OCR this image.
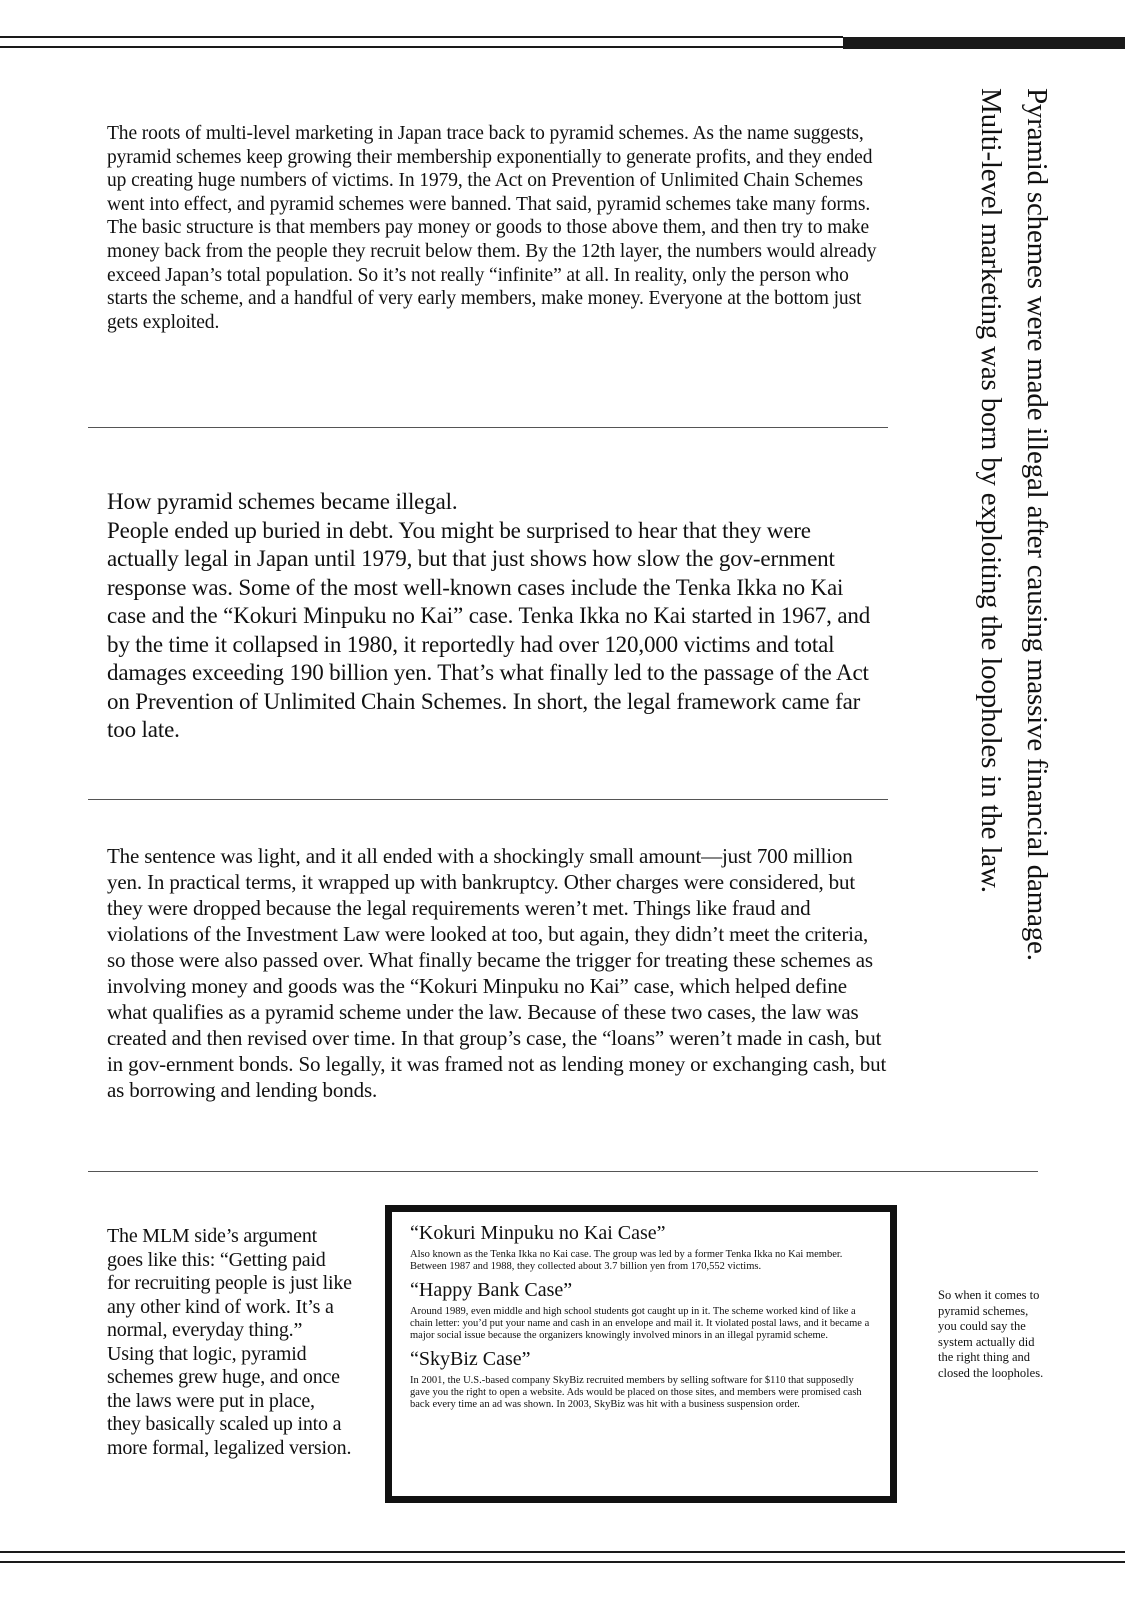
The roots of multi-level marketing in Japan trace back to pyramid schemes. As the name suggests, pyramid schemes keep growing their membership exponentially to generate profits, and they ended up creating huge numbers of victims. In 1979, the Act on Prevention of Unlimited Chain Schemes went into effect, and pyramid schemes were banned. That said, pyramid schemes take many forms. The basic structure is that members pay money or goods to those above them, and then try to make money back from the people they recruit below them. By the 12th layer, the numbers would already exceed Japan’s total population. So it’s not really “infinite” at all. In reality, only the person who starts the scheme, and a handful of very early members, make money. Everyone at the bottom just gets exploited.

How pyramid schemes became illegal.
People ended up buried in debt. You might be surprised to hear that they were actually legal in Japan until 1979, but that just shows how slow the gov-ernment response was. Some of the most well-known cases include the Tenka Ikka no Kai case and the “Kokuri Minpuku no Kai” case. Tenka Ikka no Kai started in 1967, and by the time it collapsed in 1980, it reportedly had over 120,000 victims and total damages exceeding 190 billion yen. That’s what finally led to the passage of the Act on Prevention of Unlimited Chain Schemes. In short, the legal framework came far too late.

The sentence was light, and it all ended with a shockingly small amount—just 700 million yen. In practical terms, it wrapped up with bankruptcy. Other charges were considered, but they were dropped because the legal requirements weren’t met. Things like fraud and violations of the Investment Law were looked at too, but again, they didn’t meet the criteria, so those were also passed over. What finally became the trigger for treating these schemes as involving money and goods was the “Kokuri Minpuku no Kai” case, which helped define what qualifies as a pyramid scheme under the law. Because of these two cases, the law was created and then revised over time. In that group’s case, the “loans” weren’t made in cash, but in gov-ernment bonds. So legally, it was framed not as lending money or exchanging cash, but as borrowing and lending bonds.

Pyramid schemes were made illegal after causing massive financial damage.
Multi-level marketing was born by exploiting the loopholes in the law.

The MLM side’s argument goes like this: “Getting paid for recruiting people is just like any other kind of work. It’s a normal, everyday thing.” Using that logic, pyramid schemes grew huge, and once the laws were put in place, they basically scaled up into a more formal, legalized version.

“Kokuri Minpuku no Kai Case”

Also known as the Tenka Ikka no Kai case. The group was led by a former Tenka Ikka no Kai member. Between 1987 and 1988, they collected about 3.7 billion yen from 170,552 victims.

“Happy Bank Case”

Around 1989, even middle and high school students got caught up in it. The scheme worked kind of like a chain letter: you’d put your name and cash in an envelope and mail it. It violated postal laws, and it became a major social issue because the organizers knowingly involved minors in an illegal pyramid scheme.

“SkyBiz Case”

In 2001, the U.S.-based company SkyBiz recruited members by selling software for $110 that supposedly gave you the right to open a website. Ads would be placed on those sites, and members were promised cash back every time an ad was shown. In 2003, SkyBiz was hit with a business suspension order.

So when it comes to pyramid schemes, you could say the system actually did the right thing and closed the loopholes.
